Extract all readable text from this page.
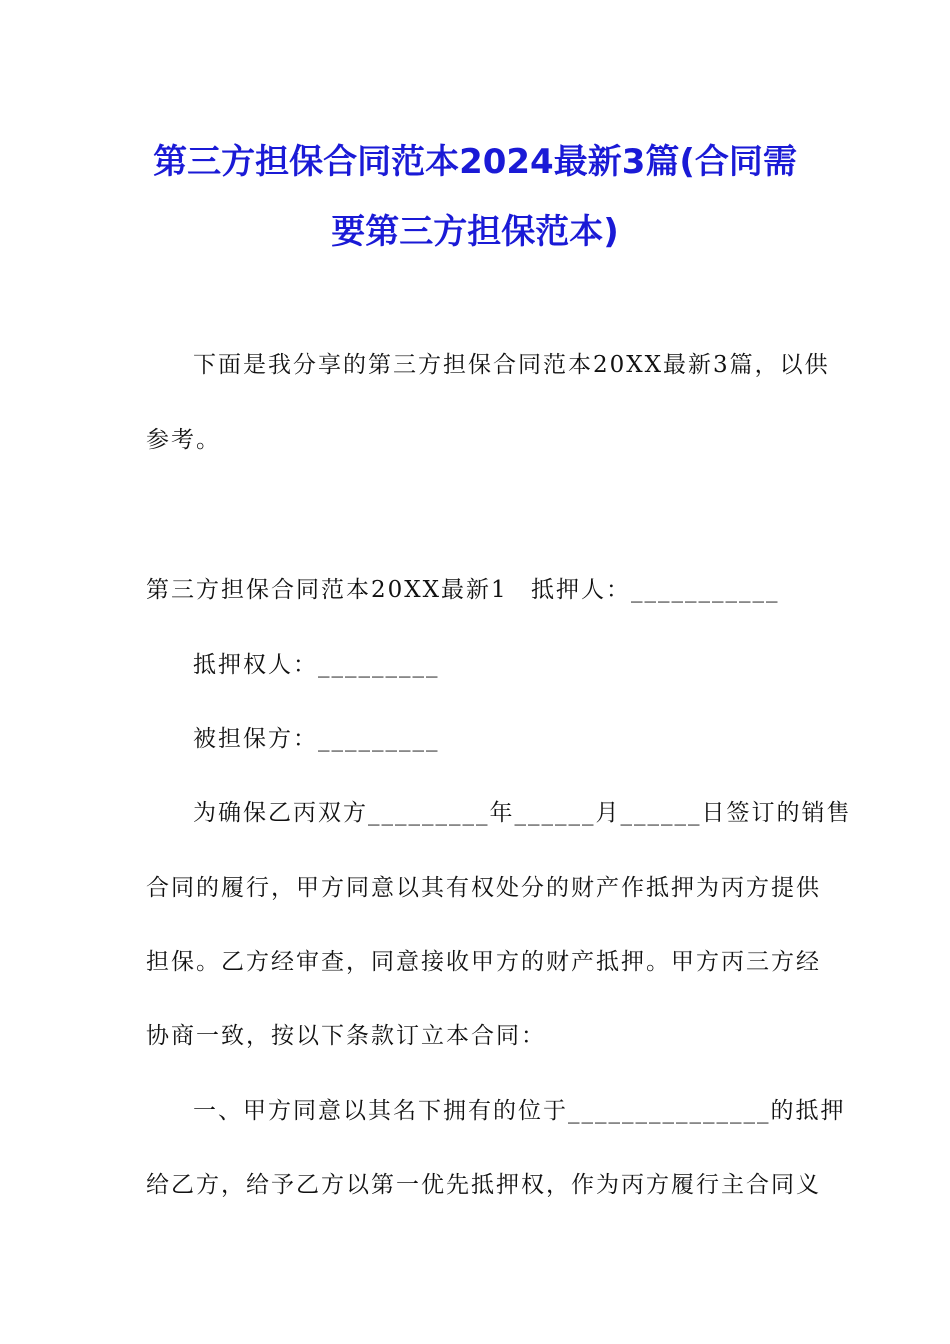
第三方担保合同范本2024最新3篇(合同需
要第三方担保范本)
下面是我分享的第三方担保合同范本20XX最新3篇，以供
参考。
第三方担保合同范本20XX最新1 抵押人：___________
抵押权人：_________
被担保方：_________
为确保乙丙双方_________年______月______日签订的销售
合同的履行，甲方同意以其有权处分的财产作抵押为丙方提供
担保。乙方经审查，同意接收甲方的财产抵押。甲方丙三方经
协商一致，按以下条款订立本合同：
一、甲方同意以其名下拥有的位于_______________的抵押
给乙方，给予乙方以第一优先抵押权，作为丙方履行主合同义
